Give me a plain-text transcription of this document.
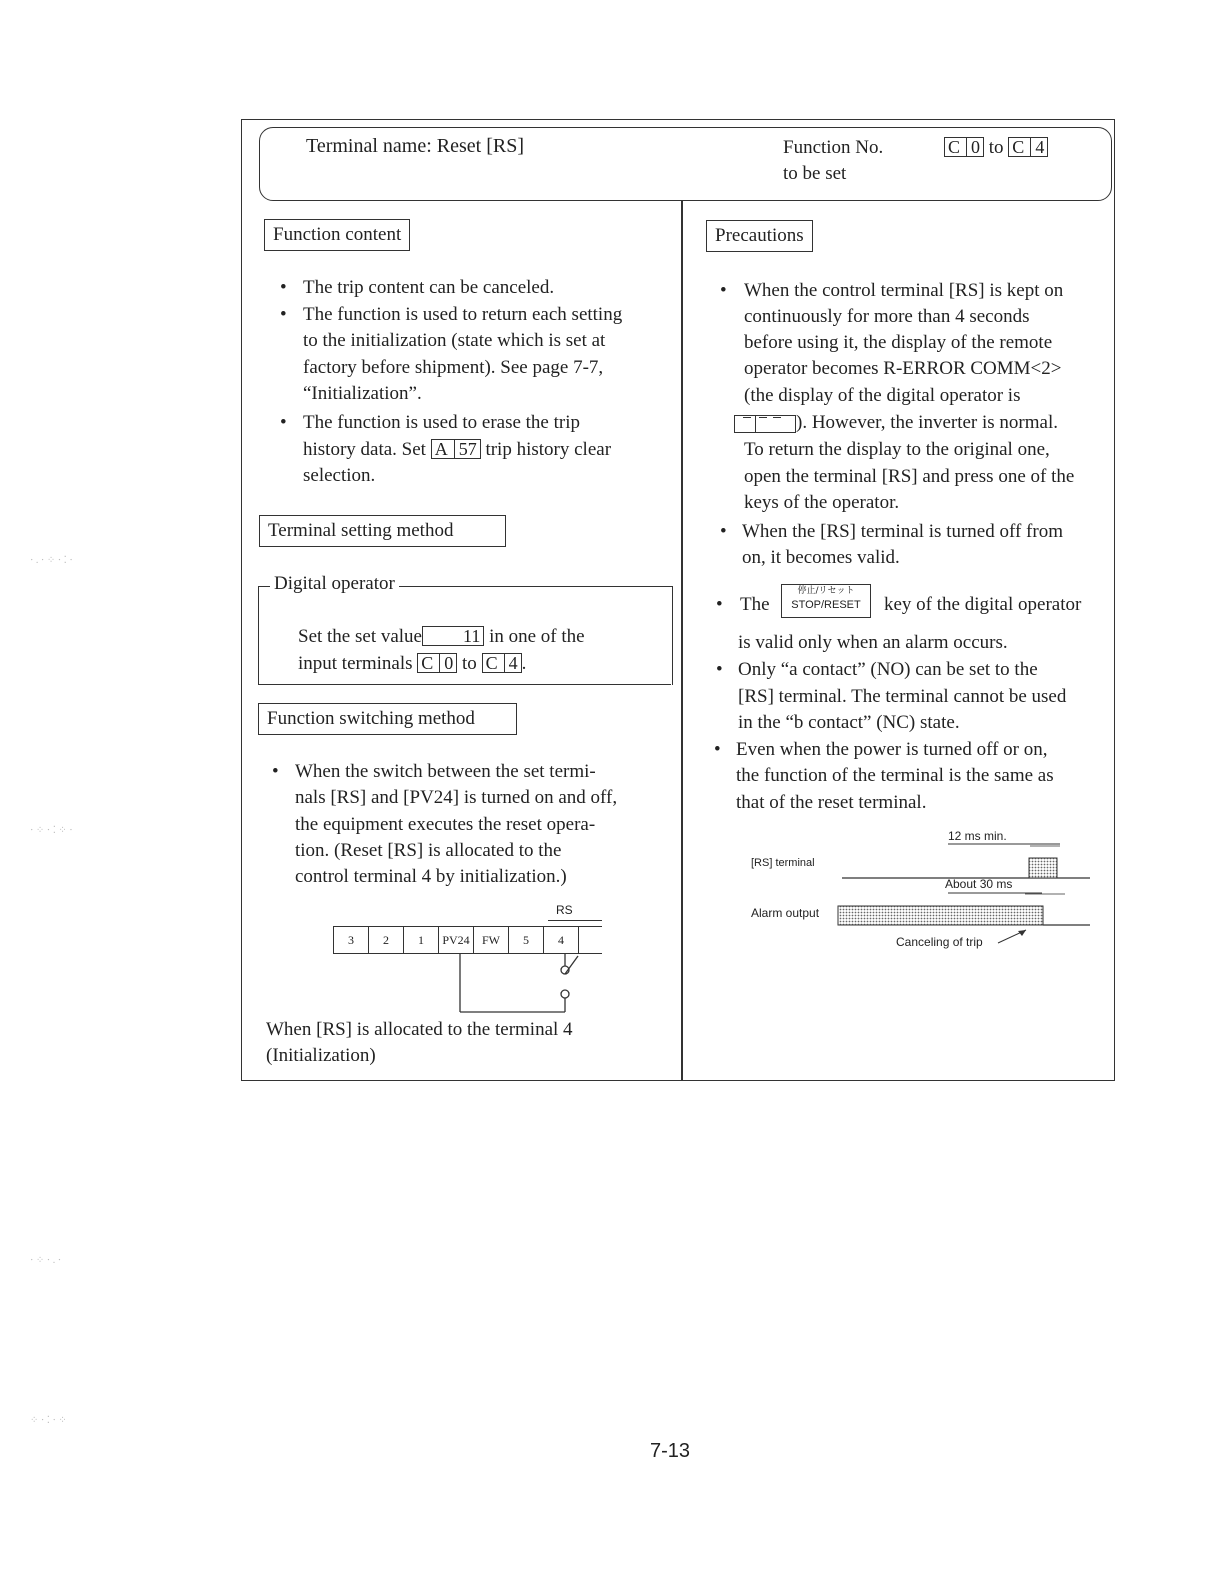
Terminal name: Reset [RS]	Function No.
to be set
C 0 to C 4
Function content
• The trip content can be canceled.
• The function is used to return each setting
to the initialization (state which is set at
factory before shipment). See page 7-7,
“Initialization”.
• The function is used to erase the trip
history data. Set A 57 trip history clear
selection.
Terminal setting method
Digital operator
Set the set value 11 in one of the
input terminals C 0 to C 4 .
Function switching method
• When the switch between the set termi-
nals [RS] and [PV24] is turned on and off,
the equipment executes the reset opera-
tion. (Reset [RS] is allocated to the
control terminal 4 by initialization.)
RS
3	2	1	PV24	FW	5	4
When [RS] is allocated to the terminal 4
(Initialization)
Precautions
• When the control terminal [RS] is kept on
continuously for more than 4 seconds
before using it, the display of the remote
operator becomes R-ERROR COMM<2>
(the display of the digital operator is
). However, the inverter is normal.
To return the display to the original one,
open the terminal [RS] and press one of the
keys of the operator.
• When the [RS] terminal is turned off from
on, it becomes valid.
• The
停止/リセット
STOP/RESET	key of the digital operator
is valid only when an alarm occurs.
• Only “a contact” (NO) can be set to the
[RS] terminal. The terminal cannot be used
in the “b contact” (NC) state.
• Even when the power is turned off or on,
the function of the terminal is the same as
that of the reset terminal.
12 ms min.
[RS] terminal
About 30 ms
Alarm output
Canceling of trip
7-13
⋅ . ⋅ ⁘ ⋅ ⁚ ⋅
⋅ ⁘ ⋅ ⁚ ⁘ ⋅
⋅ ⁘ ⋅ . ⋅
⁘ ⋅ ⁚ ⋅ ⁘
